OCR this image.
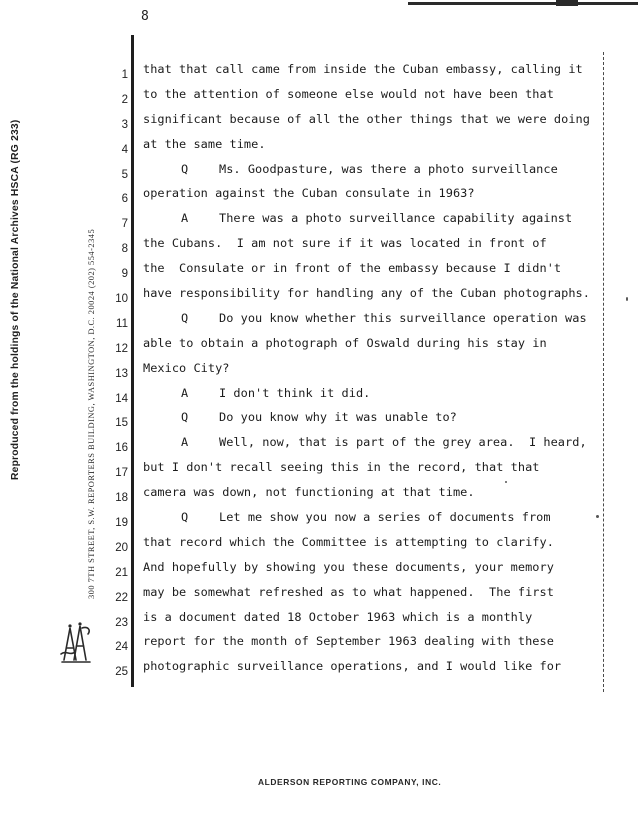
8
Reproduced from the holdings of the National Archives HSCA (RG 233)	300 7TH STREET, S.W. REPORTERS BUILDING, WASHINGTON, D.C. 20024 (202) 554-2345
1
2
3
4
5
6
7
8
9
10
11
12
13
14
15
16
17
18
19
20
21
22
23
24
25
that that call came from inside the Cuban embassy, calling it
to the attention of someone else would not have been that
significant because of all the other things that we were doing
at the same time.
Q	Ms. Goodpasture, was there a photo surveillance
operation against the Cuban consulate in 1963?
A	There was a photo surveillance capability against
the Cubans.  I am not sure if it was located in front of
the  Consulate or in front of the embassy because I didn't
have responsibility for handling any of the Cuban photographs.
Q	Do you know whether this surveillance operation was
able to obtain a photograph of Oswald during his stay in
Mexico City?
A	I don't think it did.
Q	Do you know why it was unable to?
A	Well, now, that is part of the grey area.  I heard,
but I don't recall seeing this in the record, that that
camera was down, not functioning at that time.
Q	Let me show you now a series of documents from
that record which the Committee is attempting to clarify.
And hopefully by showing you these documents, your memory
may be somewhat refreshed as to what happened.  The first
is a document dated 18 October 1963 which is a monthly
report for the month of September 1963 dealing with these
photographic surveillance operations, and I would like for
ALDERSON REPORTING COMPANY, INC.
